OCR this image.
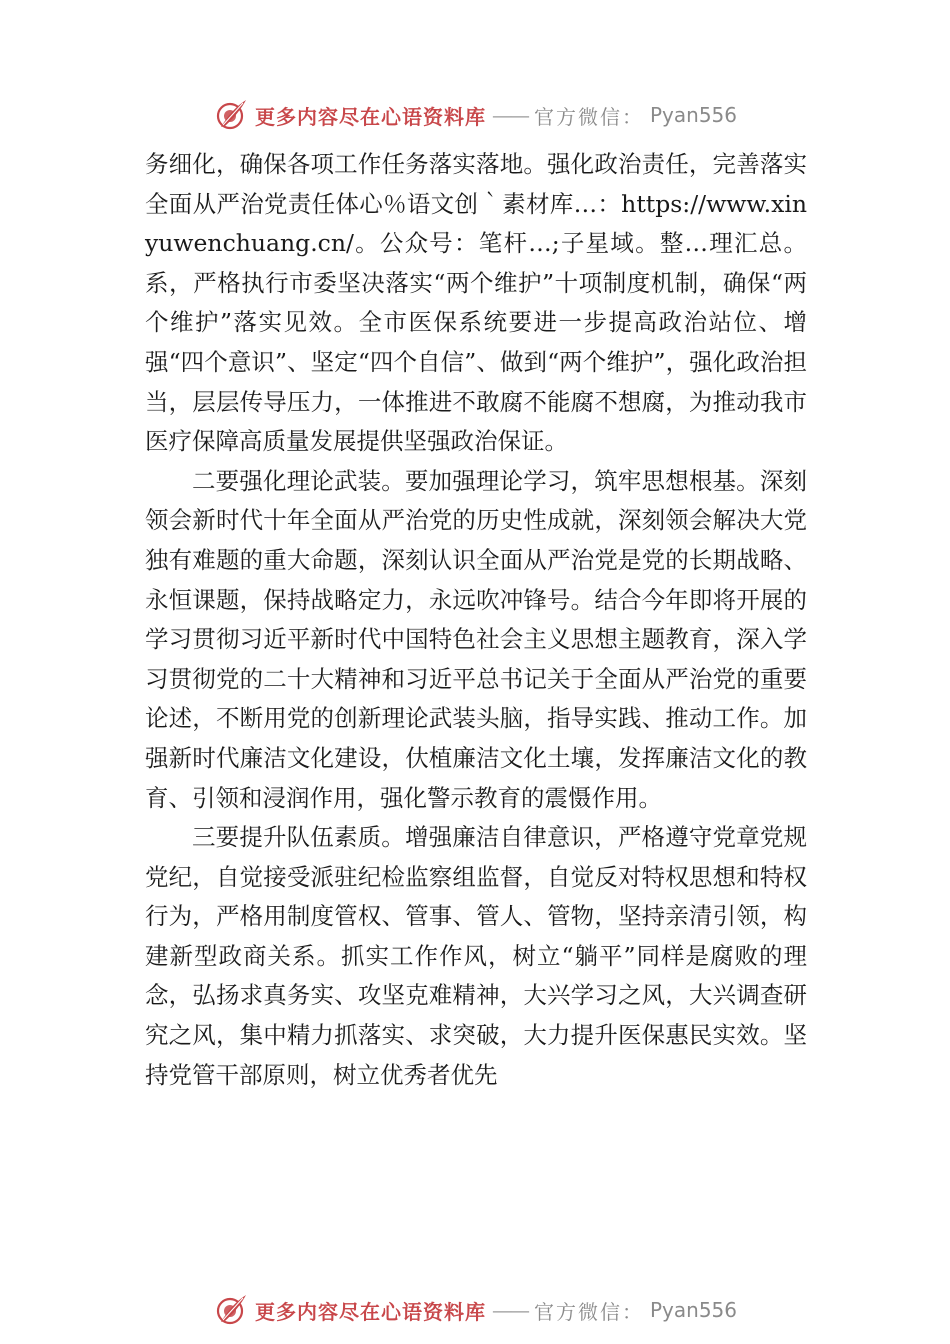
更多内容尽在心语资料库 —— 官方微信： Pyan556

务细化，确保各项工作任务落实落地。强化政治责任，完善落实全面从严治党责任体心％语文创｀素材库…：https://www.xinyuwenchuang.cn/。公众号：笔杆…;子星域。整…理汇总。系，严格执行市委坚决落实“两个维护”十项制度机制，确保“两个维护”落实见效。全市医保系统要进一步提高政治站位、增强“四个意识”、坚定“四个自信”、做到“两个维护”，强化政治担当，层层传导压力，一体推进不敢腐不能腐不想腐，为推动我市医疗保障高质量发展提供坚强政治保证。

二要强化理论武装。要加强理论学习，筑牢思想根基。深刻领会新时代十年全面从严治党的历史性成就，深刻领会解决大党独有难题的重大命题，深刻认识全面从严治党是党的长期战略、永恒课题，保持战略定力，永远吹冲锋号。结合今年即将开展的学习贯彻习近平新时代中国特色社会主义思想主题教育，深入学习贯彻党的二十大精神和习近平总书记关于全面从严治党的重要论述，不断用党的创新理论武装头脑，指导实践、推动工作。加强新时代廉洁文化建设，㐲植廉洁文化土壤，发挥廉洁文化的教育、引领和浸润作用，强化警示教育的震慑作用。

三要提升队伍素质。增强廉洁自律意识，严格遵守党章党规党纪，自觉接受派驻纪检监察组监督，自觉反对特权思想和特权行为，严格用制度管权、管事、管人、管物，坚持亲清引领，构建新型政商关系。抓实工作作风，树立“躺平”同样是腐败的理念，弘扬求真务实、攻坚克难精神，大兴学习之风，大兴调查研究之风，集中精力抓落实、求突破，大力提升医保惠民实效。坚持党管干部原则，树立优秀者优先

更多内容尽在心语资料库 —— 官方微信： Pyan556
